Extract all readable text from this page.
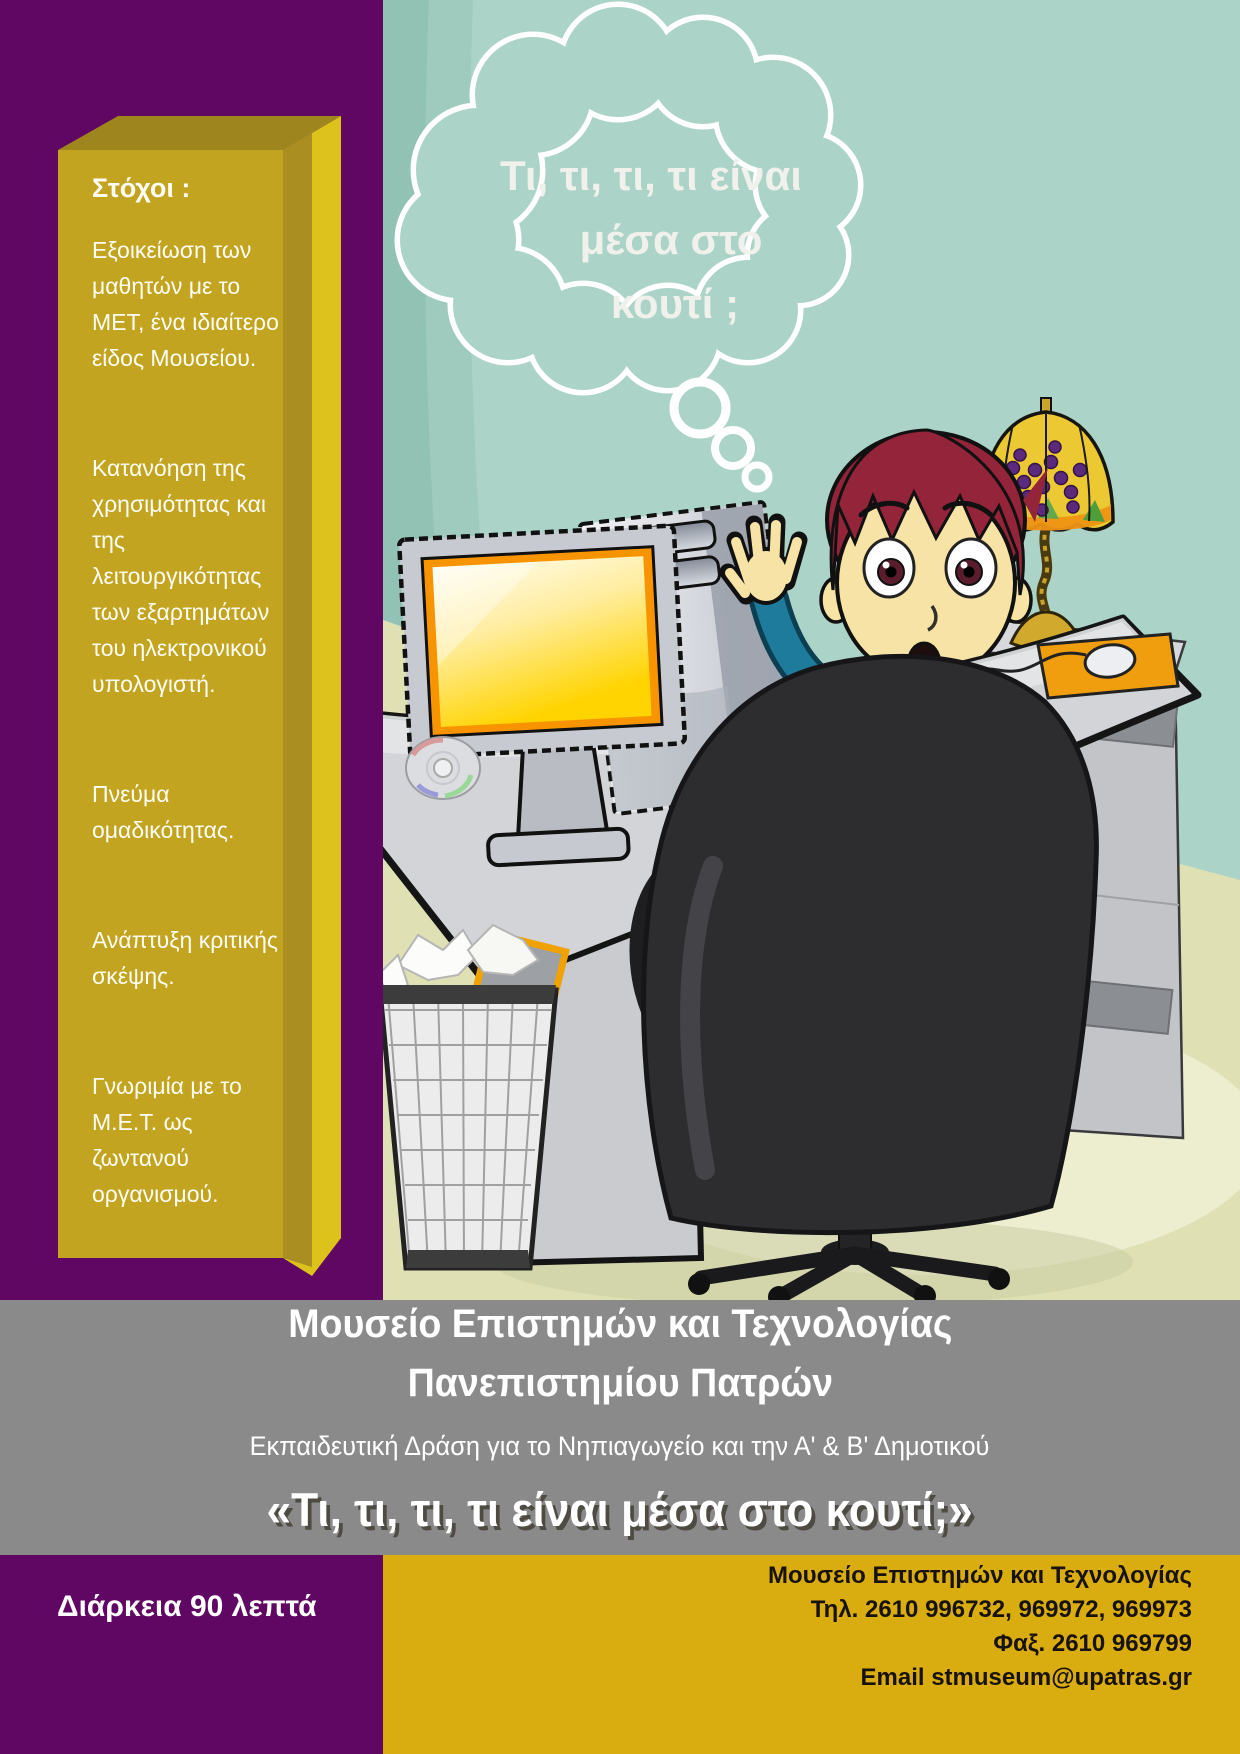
Στόχοι :

Εξοικείωση των μαθητών με το ΜΕΤ, ένα ιδιαίτερο είδος Μουσείου.

Κατανόηση της χρησιμότητας και της λειτουργικότητας των εξαρτημάτων του ηλεκτρονικού υπολογιστή.

Πνεύμα ομαδικότητας.

Ανάπτυξη κριτικής σκέψης.

Γνωριμία με το Μ.Ε.Τ. ως ζωντανού οργανισμού.

Τι, τι, τι, τι είναι
μέσα στο
κουτί ;
Μουσείο Επιστημών και Τεχνολογίας
Πανεπιστημίου Πατρών
Εκπαιδευτική Δράση για το Νηπιαγωγείο και την Α' & Β' Δημοτικού
«Τι, τι, τι, τι είναι μέσα στο κουτί;»
Διάρκεια 90 λεπτά
Μουσείο Επιστημών και Τεχνολογίας
Τηλ. 2610 996732, 969972, 969973
Φαξ. 2610 969799
Email stmuseum@upatras.gr
